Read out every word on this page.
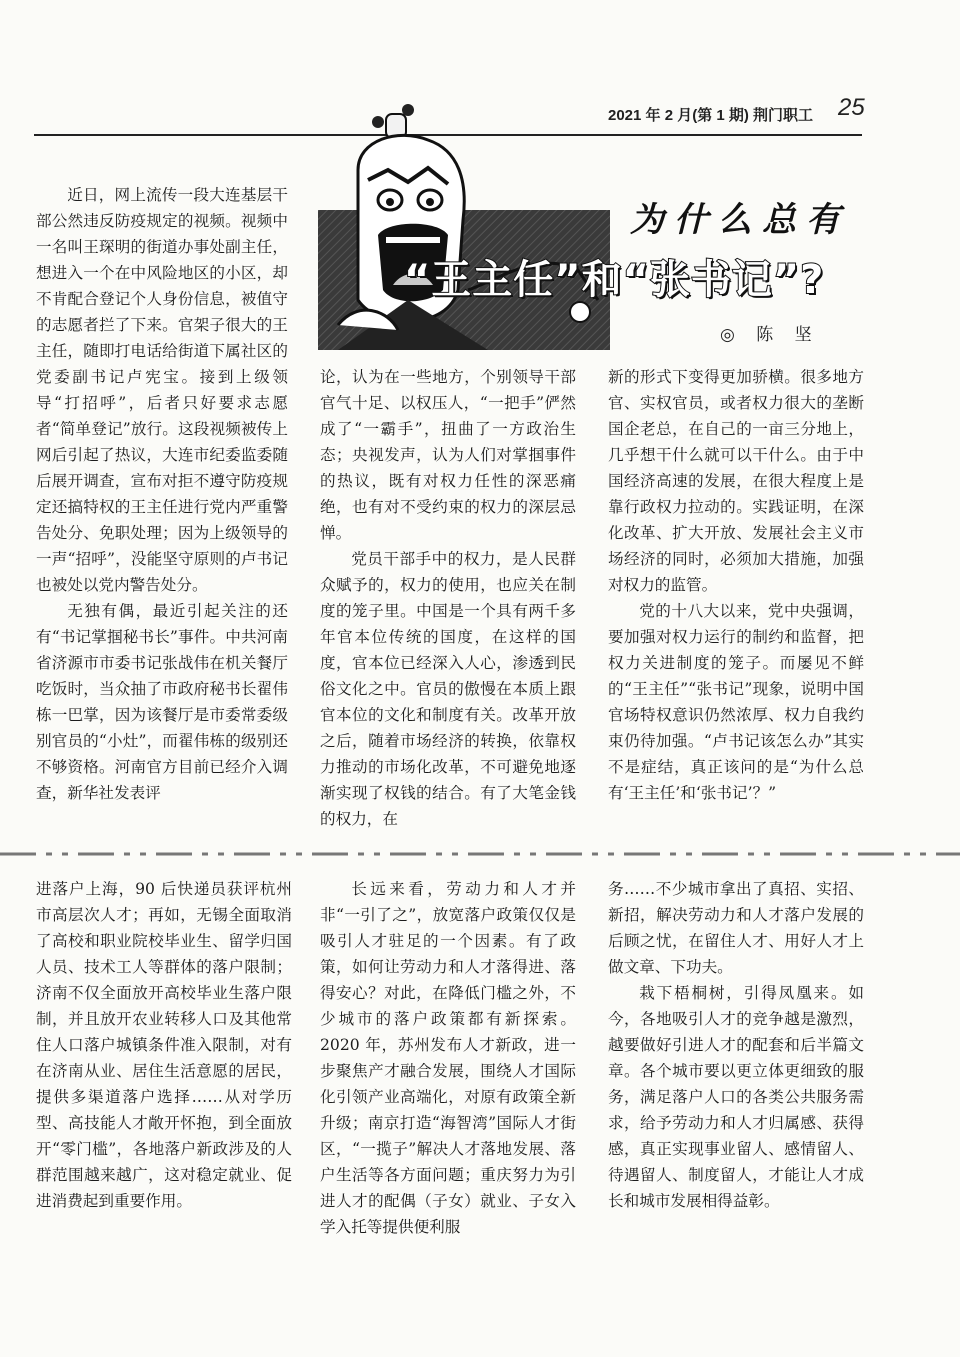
2021 年 2 月(第 1 期) 荆门职工 25
为什么总有
“王主任”和“张书记”?
◎ 陈 坚

近日，网上流传一段大连基层干部公然违反防疫规定的视频。视频中一名叫王琛明的街道办事处副主任，想进入一个在中风险地区的小区，却不肯配合登记个人身份信息，被值守的志愿者拦了下来。官架子很大的王主任，随即打电话给街道下属社区的党委副书记卢宪宝。接到上级领导“打招呼”，后者只好要求志愿者“简单登记”放行。这段视频被传上网后引起了热议，大连市纪委监委随后展开调查，宣布对拒不遵守防疫规定还搞特权的王主任进行党内严重警告处分、免职处理；因为上级领导的一声“招呼”，没能坚守原则的卢书记也被处以党内警告处分。

无独有偶，最近引起关注的还有“书记掌掴秘书长”事件。中共河南省济源市市委书记张战伟在机关餐厅吃饭时，当众抽了市政府秘书长翟伟栋一巴掌，因为该餐厅是市委常委级别官员的“小灶”，而翟伟栋的级别还不够资格。河南官方目前已经介入调查，新华社发表评

论，认为在一些地方，个别领导干部官气十足、以权压人，“一把手”俨然成了“一霸手”，扭曲了一方政治生态；央视发声，认为人们对掌掴事件的热议，既有对权力任性的深恶痛绝，也有对不受约束的权力的深层忌惮。

党员干部手中的权力，是人民群众赋予的，权力的使用，也应关在制度的笼子里。中国是一个具有两千多年官本位传统的国度，在这样的国度，官本位已经深入人心，渗透到民俗文化之中。官员的傲慢在本质上跟官本位的文化和制度有关。改革开放之后，随着市场经济的转换，依靠权力推动的市场化改革，不可避免地逐渐实现了权钱的结合。有了大笔金钱的权力，在

新的形式下变得更加骄横。很多地方官、实权官员，或者权力很大的垄断国企老总，在自己的一亩三分地上，几乎想干什么就可以干什么。由于中国经济高速的发展，在很大程度上是靠行政权力拉动的。实践证明，在深化改革、扩大开放、发展社会主义市场经济的同时，必须加大措施，加强对权力的监管。

党的十八大以来，党中央强调，要加强对权力运行的制约和监督，把权力关进制度的笼子。而屡见不鲜的“王主任”“张书记”现象，说明中国官场特权意识仍然浓厚、权力自我约束仍待加强。“卢书记该怎么办”其实不是症结，真正该问的是“为什么总有‘王主任’和‘张书记’？”

进落户上海，90 后快递员获评杭州市高层次人才；再如，无锡全面取消了高校和职业院校毕业生、留学归国人员、技术工人等群体的落户限制；济南不仅全面放开高校毕业生落户限制，并且放开农业转移人口及其他常住人口落户城镇条件准入限制，对有在济南从业、居住生活意愿的居民，提供多渠道落户选择……从对学历型、高技能人才敞开怀抱，到全面放开“零门槛”，各地落户新政涉及的人群范围越来越广，这对稳定就业、促进消费起到重要作用。

长远来看，劳动力和人才并非“一引了之”，放宽落户政策仅仅是吸引人才驻足的一个因素。有了政策，如何让劳动力和人才落得进、落得安心？对此，在降低门槛之外，不少城市的落户政策都有新探索。2020 年，苏州发布人才新政，进一步聚焦产才融合发展，围绕人才国际化引领产业高端化，对原有政策全新升级；南京打造“海智湾”国际人才街区，“一揽子”解决人才落地发展、落户生活等各方面问题；重庆努力为引进人才的配偶（子女）就业、子女入学入托等提供便利服

务……不少城市拿出了真招、实招、新招，解决劳动力和人才落户发展的后顾之忧，在留住人才、用好人才上做文章、下功夫。

栽下梧桐树，引得凤凰来。如今，各地吸引人才的竞争越是激烈，越要做好引进人才的配套和后半篇文章。各个城市要以更立体更细致的服务，满足落户人口的各类公共服务需求，给予劳动力和人才归属感、获得感，真正实现事业留人、感情留人、待遇留人、制度留人，才能让人才成长和城市发展相得益彰。
